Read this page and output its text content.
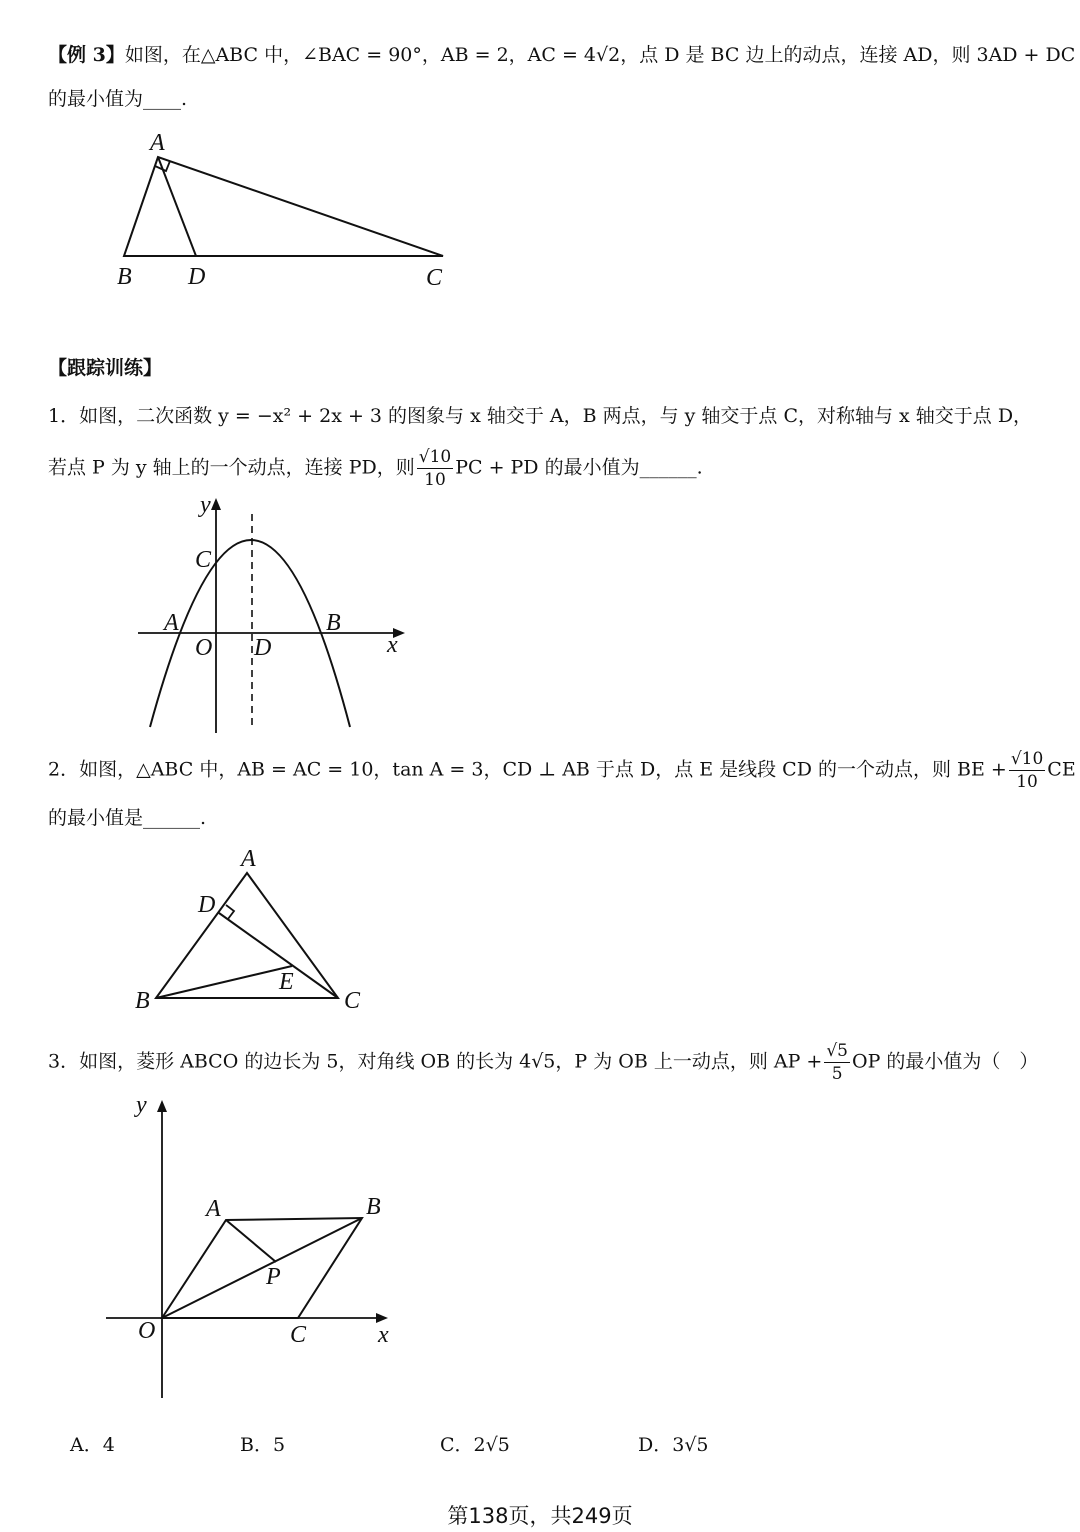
【例 3】如图，在△ABC 中，∠BAC = 90°，AB = 2，AC = 4√2，点 D 是 BC 边上的动点，连接 AD，则 3AD + DC
的最小值为____.
A
B D	C
【跟踪训练】
1．如图，二次函数 y = −x² + 2x + 3 的图象与 x 轴交于 A，B 两点，与 y 轴交于点 C，对称轴与 x 轴交于点 D，
若点 P 为 y 轴上的一个动点，连接 PD，则 $\frac{√10}{10}$ PC + PD 的最小值为______.
y
C
A	B
O D	x
2．如图，△ABC 中，AB = AC = 10，tan A = 3，CD ⊥ AB 于点 D，点 E 是线段 CD 的一个动点，则 BE + $\frac{√10}{10}$ CE
的最小值是______.
A
D
E
B	C
3．如图，菱形 ABCO 的边长为 5，对角线 OB 的长为 4√5，P 为 OB 上一动点，则 AP + $\frac{√5}{5}$ OP 的最小值为（　）
y
A	B
P
O	C	x
A．4	B．5	C．2√5	D．3√5
第138页，共249页
